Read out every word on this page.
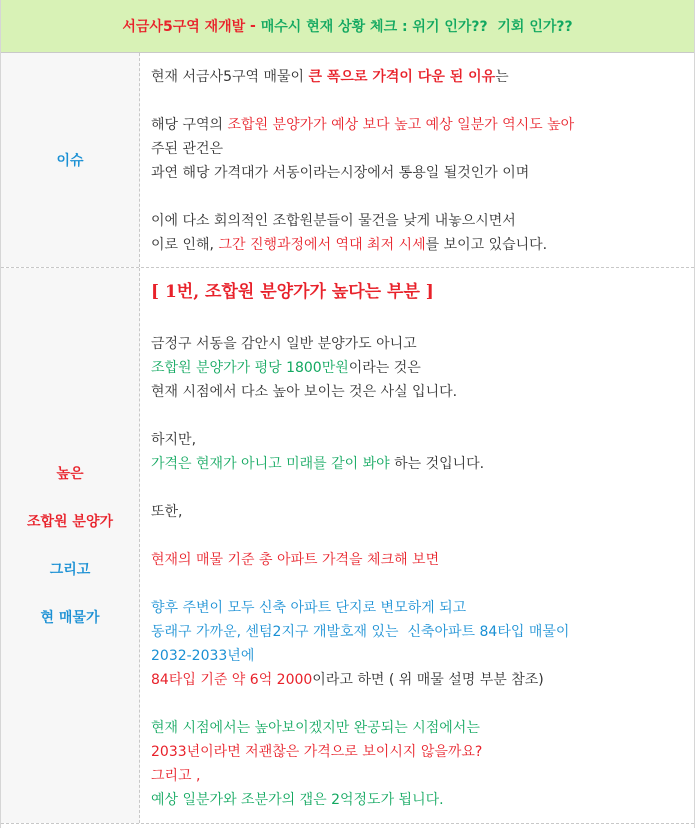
서금사5구역 재개발 - 매수시 현재 상황 체크 : 위기 인가??  기회 인가??
이슈
현재 서금사5구역 매물이 큰 폭으로 가격이 다운 된 이유는
해당 구역의 조합원 분양가가 예상 보다 높고 예상 일분가 역시도 높아
주된 관건은
과연 해당 가격대가 서동이라는시장에서 통용일 될것인가 이며
이에 다소 회의적인 조합원분들이 물건을 낮게 내놓으시면서
이로 인해, 그간 진행과정에서 역대 최저 시세를 보이고 있습니다.
높은
조합원 분양가
그리고
현 매물가
[ 1번, 조합원 분양가가 높다는 부분 ]
금정구 서동을 감안시 일반 분양가도 아니고
조합원 분양가가 평당 1800만원이라는 것은
현재 시점에서 다소 높아 보이는 것은 사실 입니다.
하지만,
가격은 현재가 아니고 미래를 같이 봐야 하는 것입니다.
또한,
현재의 매물 기준 총 아파트 가격을 체크해 보면
향후 주변이 모두 신축 아파트 단지로 변모하게 되고
동래구 가까운, 센텀2지구 개발호재 있는  신축아파트 84타입 매물이
2032-2033년에
84타입 기준 약 6억 2000이라고 하면 ( 위 매물 설명 부분 참조)
현재 시점에서는 높아보이겠지만 완공되는 시점에서는
2033년이라면 저괜찮은 가격으로 보이시지 않을까요?
그리고 ,
예상 일분가와 조분가의 갭은 2억정도가 됩니다.
